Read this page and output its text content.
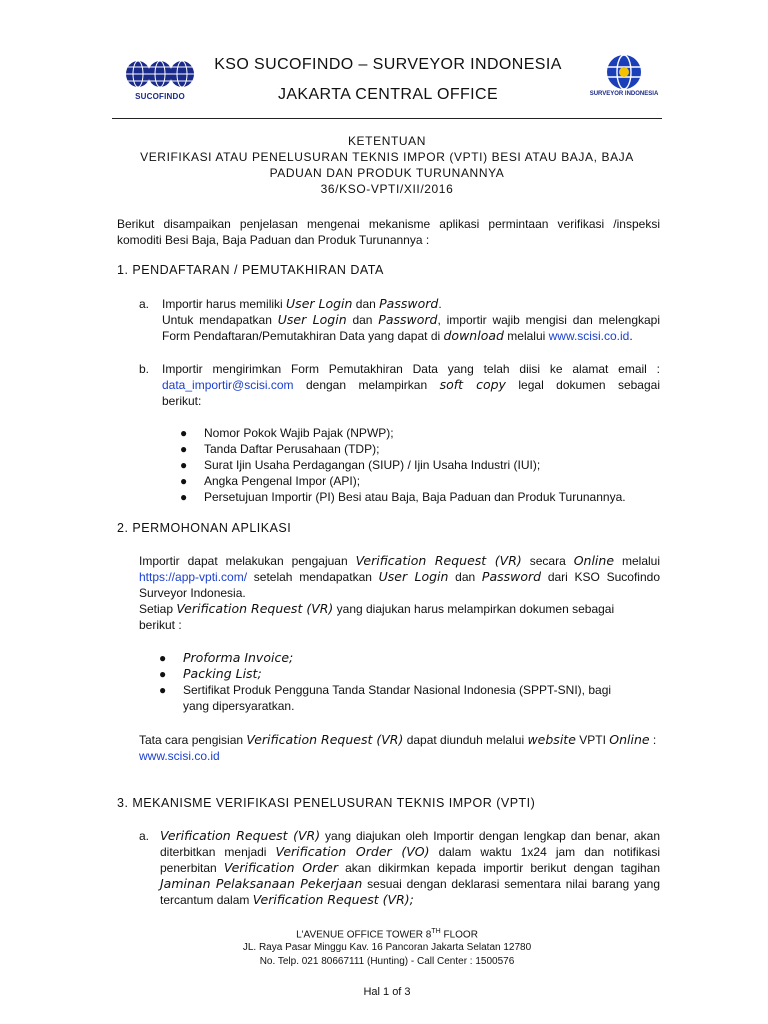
SUCOFINDO
KSO SUCOFINDO – SURVEYOR INDONESIA
JAKARTA CENTRAL OFFICE	SURVEYOR INDONESIA
KETENTUAN
VERIFIKASI ATAU PENELUSURAN TEKNIS IMPOR (VPTI) BESI ATAU BAJA, BAJA
PADUAN DAN PRODUK TURUNANNYA
36/KSO-VPTI/XII/2016
Berikut disampaikan penjelasan mengenai mekanisme aplikasi permintaan verifikasi /inspeksi
komoditi Besi Baja, Baja Paduan dan Produk Turunannya :
1. PENDAFTARAN / PEMUTAKHIRAN DATA
a. Importir harus memiliki User Login dan Password.
Untuk mendapatkan User Login dan Password, importir wajib mengisi dan melengkapi
Form Pendaftaran/Pemutakhiran Data yang dapat di download melalui www.scisi.co.id.
b. Importir mengirimkan Form Pemutakhiran Data yang telah diisi ke alamat email :
data_importir@scisi.com dengan melampirkan soft copy legal dokumen sebagai
berikut:
●	Nomor Pokok Wajib Pajak (NPWP);
●	Tanda Daftar Perusahaan (TDP);
●	Surat Ijin Usaha Perdagangan (SIUP) / Ijin Usaha Industri (IUI);
●	Angka Pengenal Impor (API);
●	Persetujuan Importir (PI) Besi atau Baja, Baja Paduan dan Produk Turunannya.
2. PERMOHONAN APLIKASI
Importir dapat melakukan pengajuan Verification Request (VR) secara Online melalui
https://app-vpti.com/ setelah mendapatkan User Login dan Password dari KSO Sucofindo
Surveyor Indonesia.
Setiap Verification Request (VR) yang diajukan harus melampirkan dokumen sebagai
berikut :
●	Proforma Invoice;
●	Packing List;
●	Sertifikat Produk Pengguna Tanda Standar Nasional Indonesia (SPPT-SNI), bagi
yang dipersyaratkan.
Tata cara pengisian Verification Request (VR) dapat diunduh melalui website VPTI Online :
www.scisi.co.id
3. MEKANISME VERIFIKASI PENELUSURAN TEKNIS IMPOR (VPTI)
a. Verification Request (VR) yang diajukan oleh Importir dengan lengkap dan benar, akan
diterbitkan menjadi Verification Order (VO) dalam waktu 1x24 jam dan notifikasi
penerbitan Verification Order akan dikirmkan kepada importir berikut dengan tagihan
Jaminan Pelaksanaan Pekerjaan sesuai dengan deklarasi sementara nilai barang yang
tercantum dalam Verification Request (VR);
L'AVENUE OFFICE TOWER 8TH FLOOR
JL. Raya Pasar Minggu Kav. 16 Pancoran Jakarta Selatan 12780
No. Telp. 021 80667111 (Hunting) - Call Center : 1500576
Hal 1 of 3
